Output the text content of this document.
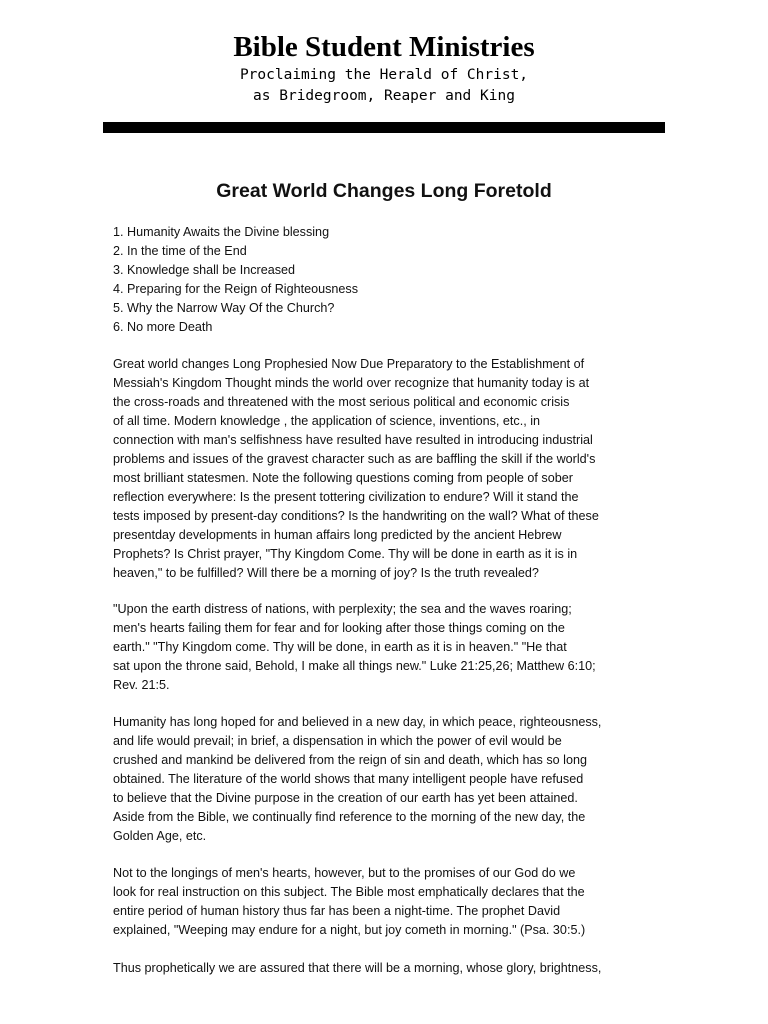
Bible Student Ministries
Proclaiming the Herald of Christ,
as Bridegroom, Reaper and King
Great World Changes Long Foretold
1. Humanity Awaits the Divine blessing
2. In the time of the End
3. Knowledge shall be Increased
4. Preparing for the Reign of Righteousness
5. Why the Narrow Way Of the Church?
6. No more Death
Great world changes Long Prophesied Now Due Preparatory to the Establishment of
Messiah's Kingdom Thought minds the world over recognize that humanity today is at
the cross-roads and threatened with the most serious political and economic crisis
of all time. Modern knowledge , the application of science, inventions, etc., in
connection with man's selfishness have resulted have resulted in introducing industrial
problems and issues of the gravest character such as are baffling the skill if the world's
most brilliant statesmen. Note the following questions coming from people of sober
reflection everywhere: Is the present tottering civilization to endure? Will it stand the
tests imposed by present-day conditions? Is the handwriting on the wall? What of these
presentday developments in human affairs long predicted by the ancient Hebrew
Prophets? Is Christ prayer, "Thy Kingdom Come. Thy will be done in earth as it is in
heaven," to be fulfilled? Will there be a morning of joy? Is the truth revealed?
"Upon the earth distress of nations, with perplexity; the sea and the waves roaring;
men's hearts failing them for fear and for looking after those things coming on the
earth." "Thy Kingdom come. Thy will be done, in earth as it is in heaven." "He that
sat upon the throne said, Behold, I make all things new." Luke 21:25,26; Matthew 6:10;
Rev. 21:5.
Humanity has long hoped for and believed in a new day, in which peace, righteousness,
and life would prevail; in brief, a dispensation in which the power of evil would be
crushed and mankind be delivered from the reign of sin and death, which has so long
obtained. The literature of the world shows that many intelligent people have refused
to believe that the Divine purpose in the creation of our earth has yet been attained.
Aside from the Bible, we continually find reference to the morning of the new day, the
Golden Age, etc.
Not to the longings of men's hearts, however, but to the promises of our God do we
look for real instruction on this subject. The Bible most emphatically declares that the
entire period of human history thus far has been a night-time. The prophet David
explained, "Weeping may endure for a night, but joy cometh in morning." (Psa. 30:5.)
Thus prophetically we are assured that there will be a morning, whose glory, brightness,
